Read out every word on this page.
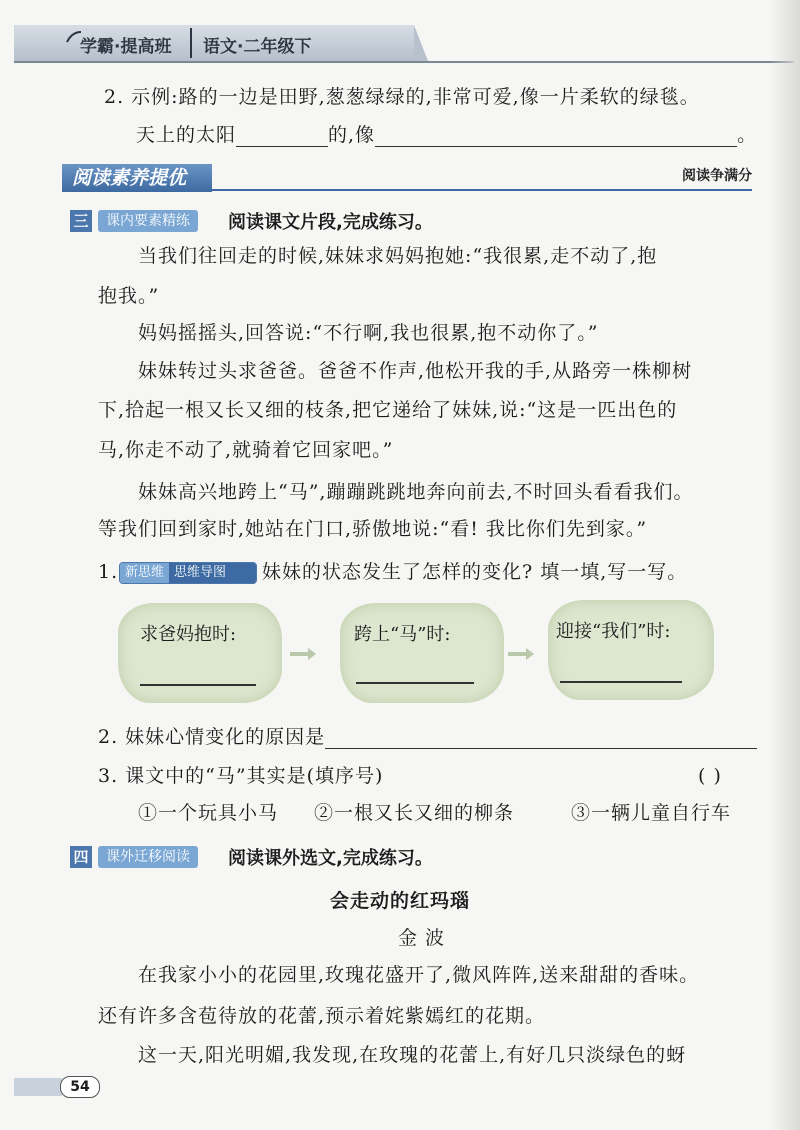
学霸·提高班 语文·二年级下
2. 示例:路的一边是田野,葱葱绿绿的,非常可爱,像一片柔软的绿毯。
天上的太阳	的,像	。
阅读素养提优	阅读争满分
三	课内要素精练	阅读课文片段,完成练习。
当我们往回走的时候,妹妹求妈妈抱她:“我很累,走不动了,抱
抱我。”
妈妈摇摇头,回答说:“不行啊,我也很累,抱不动你了。”
妹妹转过头求爸爸。爸爸不作声,他松开我的手,从路旁一株柳树
下,拾起一根又长又细的枝条,把它递给了妹妹,说:“这是一匹出色的
马,你走不动了,就骑着它回家吧。”
妹妹高兴地跨上“马”,蹦蹦跳跳地奔向前去,不时回头看看我们。
等我们回到家时,她站在门口,骄傲地说:“看! 我比你们先到家。”
1. 新思维 思维导图	妹妹的状态发生了怎样的变化? 填一填,写一写。
求爸妈抱时:	跨上“马”时:	迎接“我们”时:
2. 妹妹心情变化的原因是
3. 课文中的“马”其实是(填序号)	( )
①一个玩具小马 ②一根又长又细的柳条	③一辆儿童自行车
四	课外迁移阅读	阅读课外选文,完成练习。
会走动的红玛瑙
金 波
在我家小小的花园里,玫瑰花盛开了,微风阵阵,送来甜甜的香味。
还有许多含苞待放的花蕾,预示着姹紫嫣红的花期。
这一天,阳光明媚,我发现,在玫瑰的花蕾上,有好几只淡绿色的蚜
54
